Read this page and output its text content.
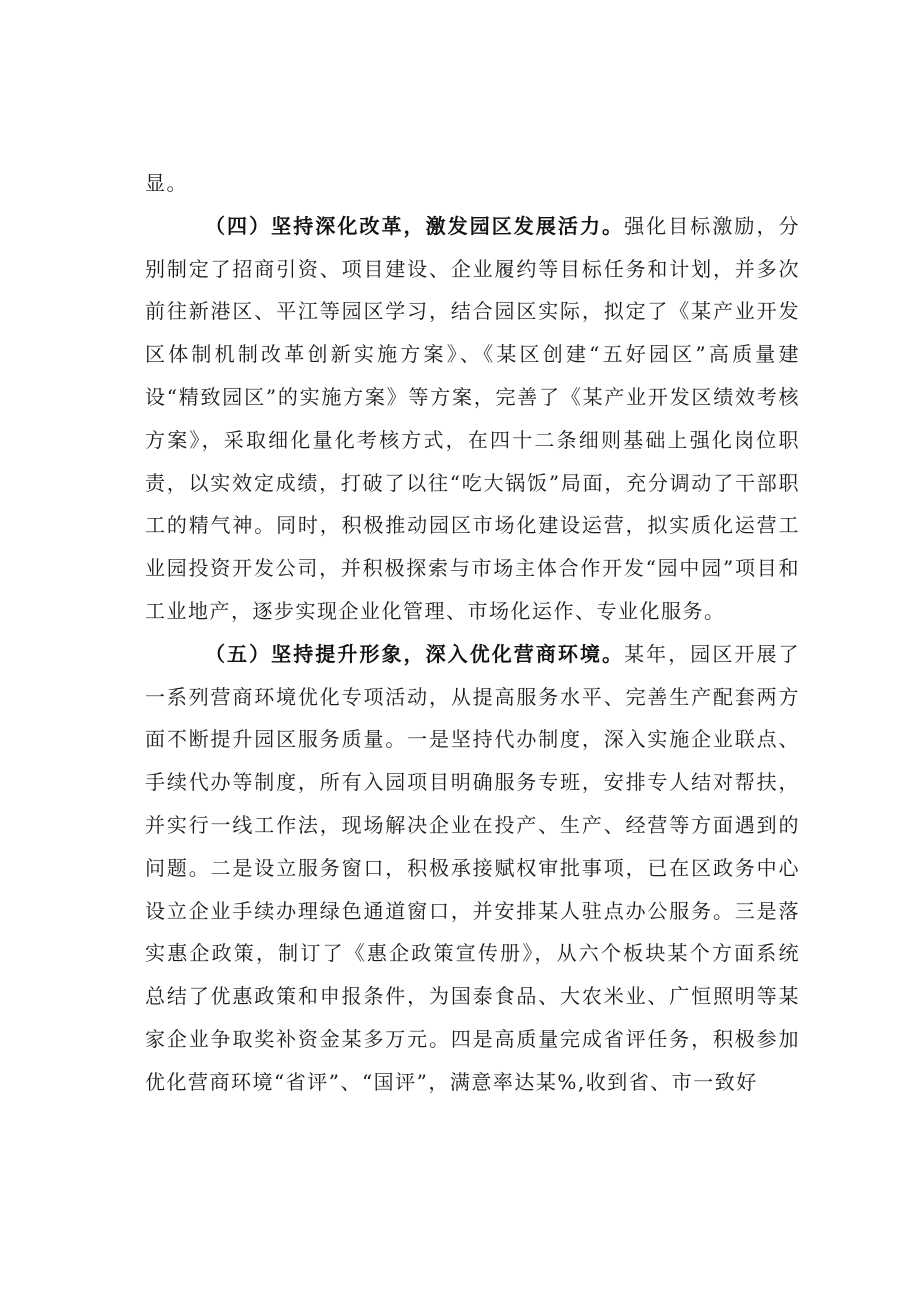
显。

（四）坚持深化改革，激发园区发展活力。强化目标激励，分别制定了招商引资、项目建设、企业履约等目标任务和计划，并多次前往新港区、平江等园区学习，结合园区实际，拟定了《某产业开发区体制机制改革创新实施方案》、《某区创建“五好园区”高质量建设“精致园区”的实施方案》等方案，完善了《某产业开发区绩效考核方案》，采取细化量化考核方式，在四十二条细则基础上强化岗位职责，以实效定成绩，打破了以往“吃大锅饭”局面，充分调动了干部职工的精气神。同时，积极推动园区市场化建设运营，拟实质化运营工业园投资开发公司，并积极探索与市场主体合作开发“园中园”项目和工业地产，逐步实现企业化管理、市场化运作、专业化服务。

（五）坚持提升形象，深入优化营商环境。某年，园区开展了一系列营商环境优化专项活动，从提高服务水平、完善生产配套两方面不断提升园区服务质量。一是坚持代办制度，深入实施企业联点、手续代办等制度，所有入园项目明确服务专班，安排专人结对帮扶，并实行一线工作法，现场解决企业在投产、生产、经营等方面遇到的问题。二是设立服务窗口，积极承接赋权审批事项，已在区政务中心设立企业手续办理绿色通道窗口，并安排某人驻点办公服务。三是落实惠企政策，制订了《惠企政策宣传册》，从六个板块某个方面系统总结了优惠政策和申报条件，为国泰食品、大农米业、广恒照明等某家企业争取奖补资金某多万元。四是高质量完成省评任务，积极参加优化营商环境“省评”、“国评”，满意率达某%,收到省、市一致好
